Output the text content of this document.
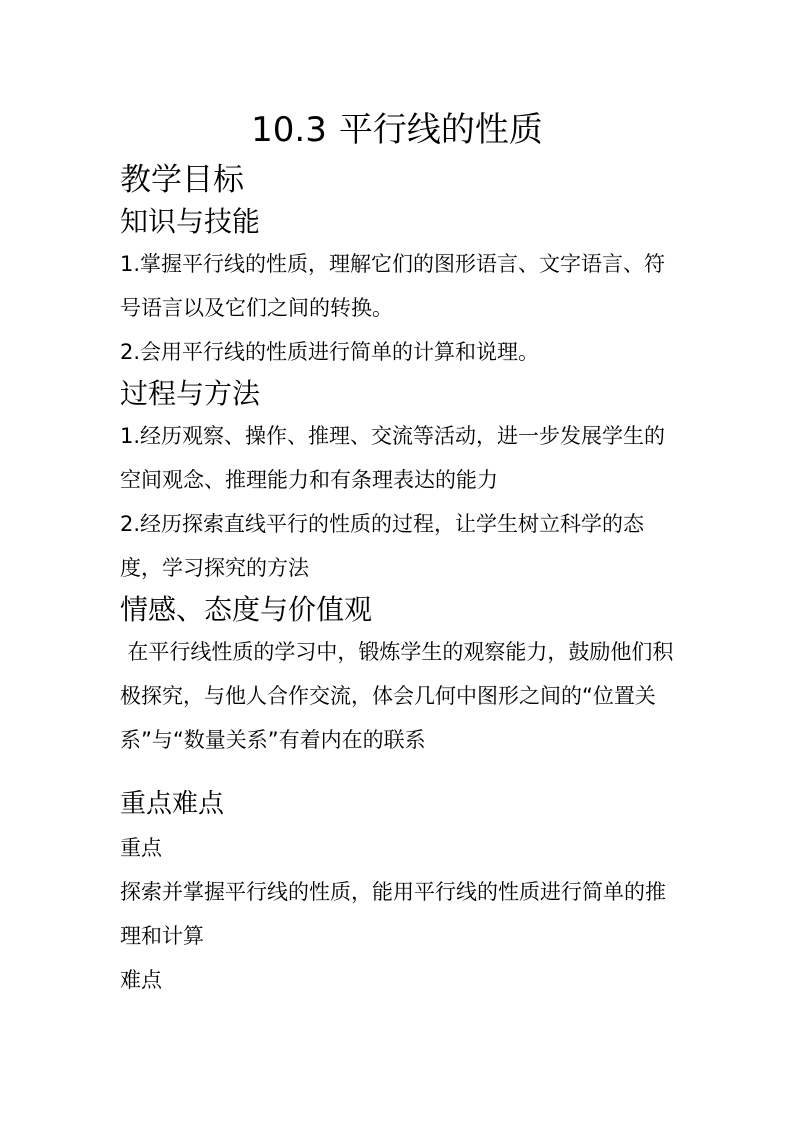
10.3 平行线的性质
教学目标
知识与技能

1.掌握平行线的性质，理解它们的图形语言、文字语言、符号语言以及它们之间的转换。

2.会用平行线的性质进行简单的计算和说理。

过程与方法

1.经历观察、操作、推理、交流等活动，进一步发展学生的空间观念、推理能力和有条理表达的能力

2.经历探索直线平行的性质的过程，让学生树立科学的态度，学习探究的方法

情感、态度与价值观

在平行线性质的学习中，锻炼学生的观察能力，鼓励他们积极探究，与他人合作交流，体会几何中图形之间的“位置关系”与“数量关系”有着内在的联系

重点难点

重点

探索并掌握平行线的性质，能用平行线的性质进行简单的推理和计算

难点
